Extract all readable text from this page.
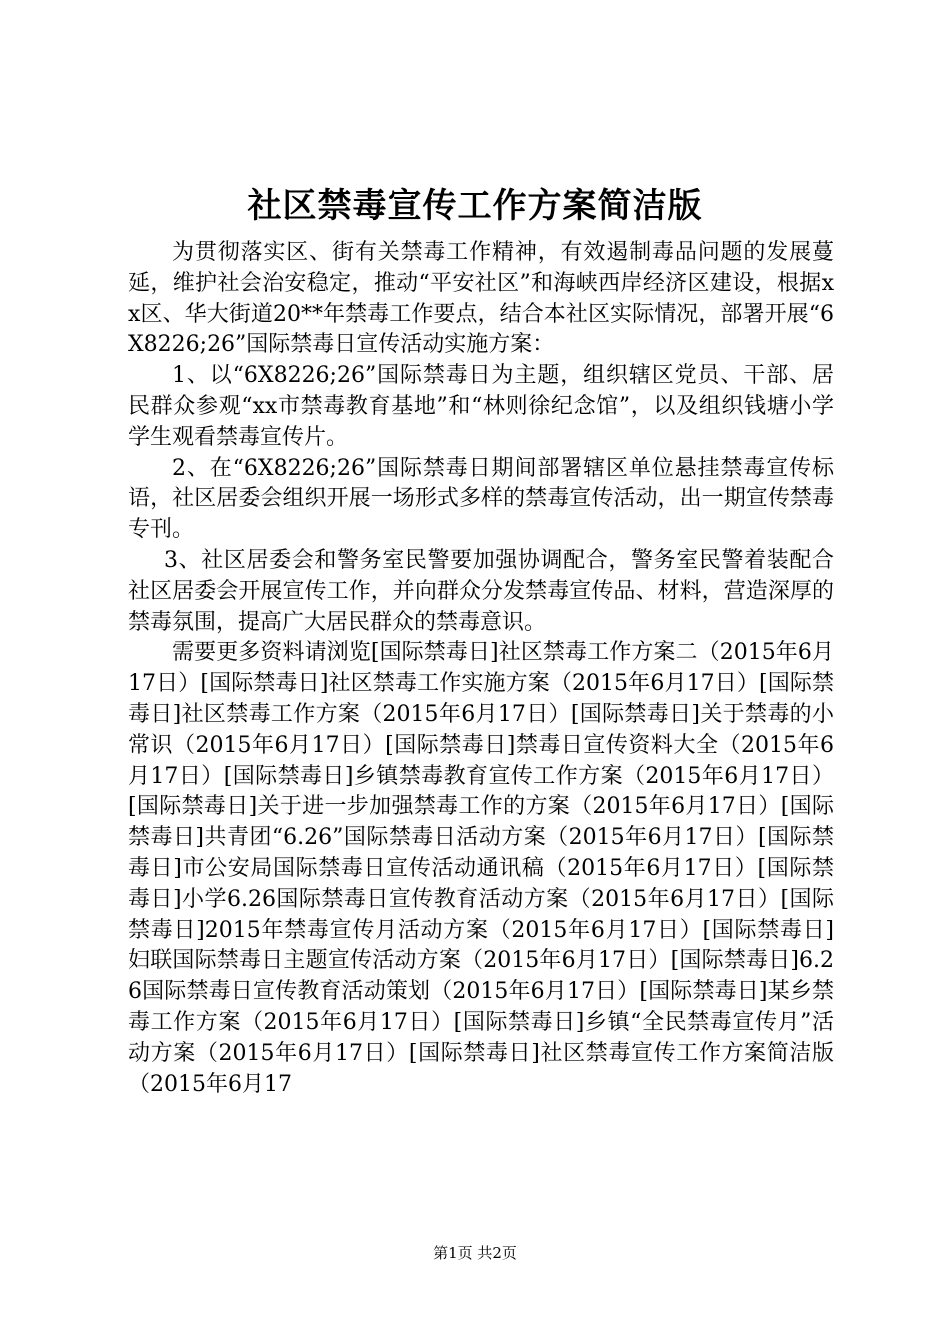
社区禁毒宣传工作方案简洁版

为贯彻落实区、街有关禁毒工作精神，有效遏制毒品问题的发展蔓延，维护社会治安稳定，推动“平安社区”和海峡西岸经济区建设，根据xx区、华大街道20**年禁毒工作要点，结合本社区实际情况，部署开展“6X8226;26”国际禁毒日宣传活动实施方案：

1、以“6X8226;26”国际禁毒日为主题，组织辖区党员、干部、居民群众参观“xx市禁毒教育基地”和“林则徐纪念馆”，以及组织钱塘小学学生观看禁毒宣传片。

2、在“6X8226;26”国际禁毒日期间部署辖区单位悬挂禁毒宣传标语，社区居委会组织开展一场形式多样的禁毒宣传活动，出一期宣传禁毒专刊。

3、社区居委会和警务室民警要加强协调配合，警务室民警着装配合社区居委会开展宣传工作，并向群众分发禁毒宣传品、材料，营造深厚的禁毒氛围，提高广大居民群众的禁毒意识。

需要更多资料请浏览[国际禁毒日]社区禁毒工作方案二（2015年6月17日）[国际禁毒日]社区禁毒工作实施方案（2015年6月17日）[国际禁毒日]社区禁毒工作方案（2015年6月17日）[国际禁毒日]关于禁毒的小常识（2015年6月17日）[国际禁毒日]禁毒日宣传资料大全（2015年6月17日）[国际禁毒日]乡镇禁毒教育宣传工作方案（2015年6月17日）[国际禁毒日]关于进一步加强禁毒工作的方案（2015年6月17日）[国际禁毒日]共青团“6.26”国际禁毒日活动方案（2015年6月17日）[国际禁毒日]市公安局国际禁毒日宣传活动通讯稿（2015年6月17日）[国际禁毒日]小学6.26国际禁毒日宣传教育活动方案（2015年6月17日）[国际禁毒日]2015年禁毒宣传月活动方案（2015年6月17日）[国际禁毒日]妇联国际禁毒日主题宣传活动方案（2015年6月17日）[国际禁毒日]6.26国际禁毒日宣传教育活动策划（2015年6月17日）[国际禁毒日]某乡禁毒工作方案（2015年6月17日）[国际禁毒日]乡镇“全民禁毒宣传月”活动方案（2015年6月17日）[国际禁毒日]社区禁毒宣传工作方案简洁版（2015年6月17

第1页 共2页
